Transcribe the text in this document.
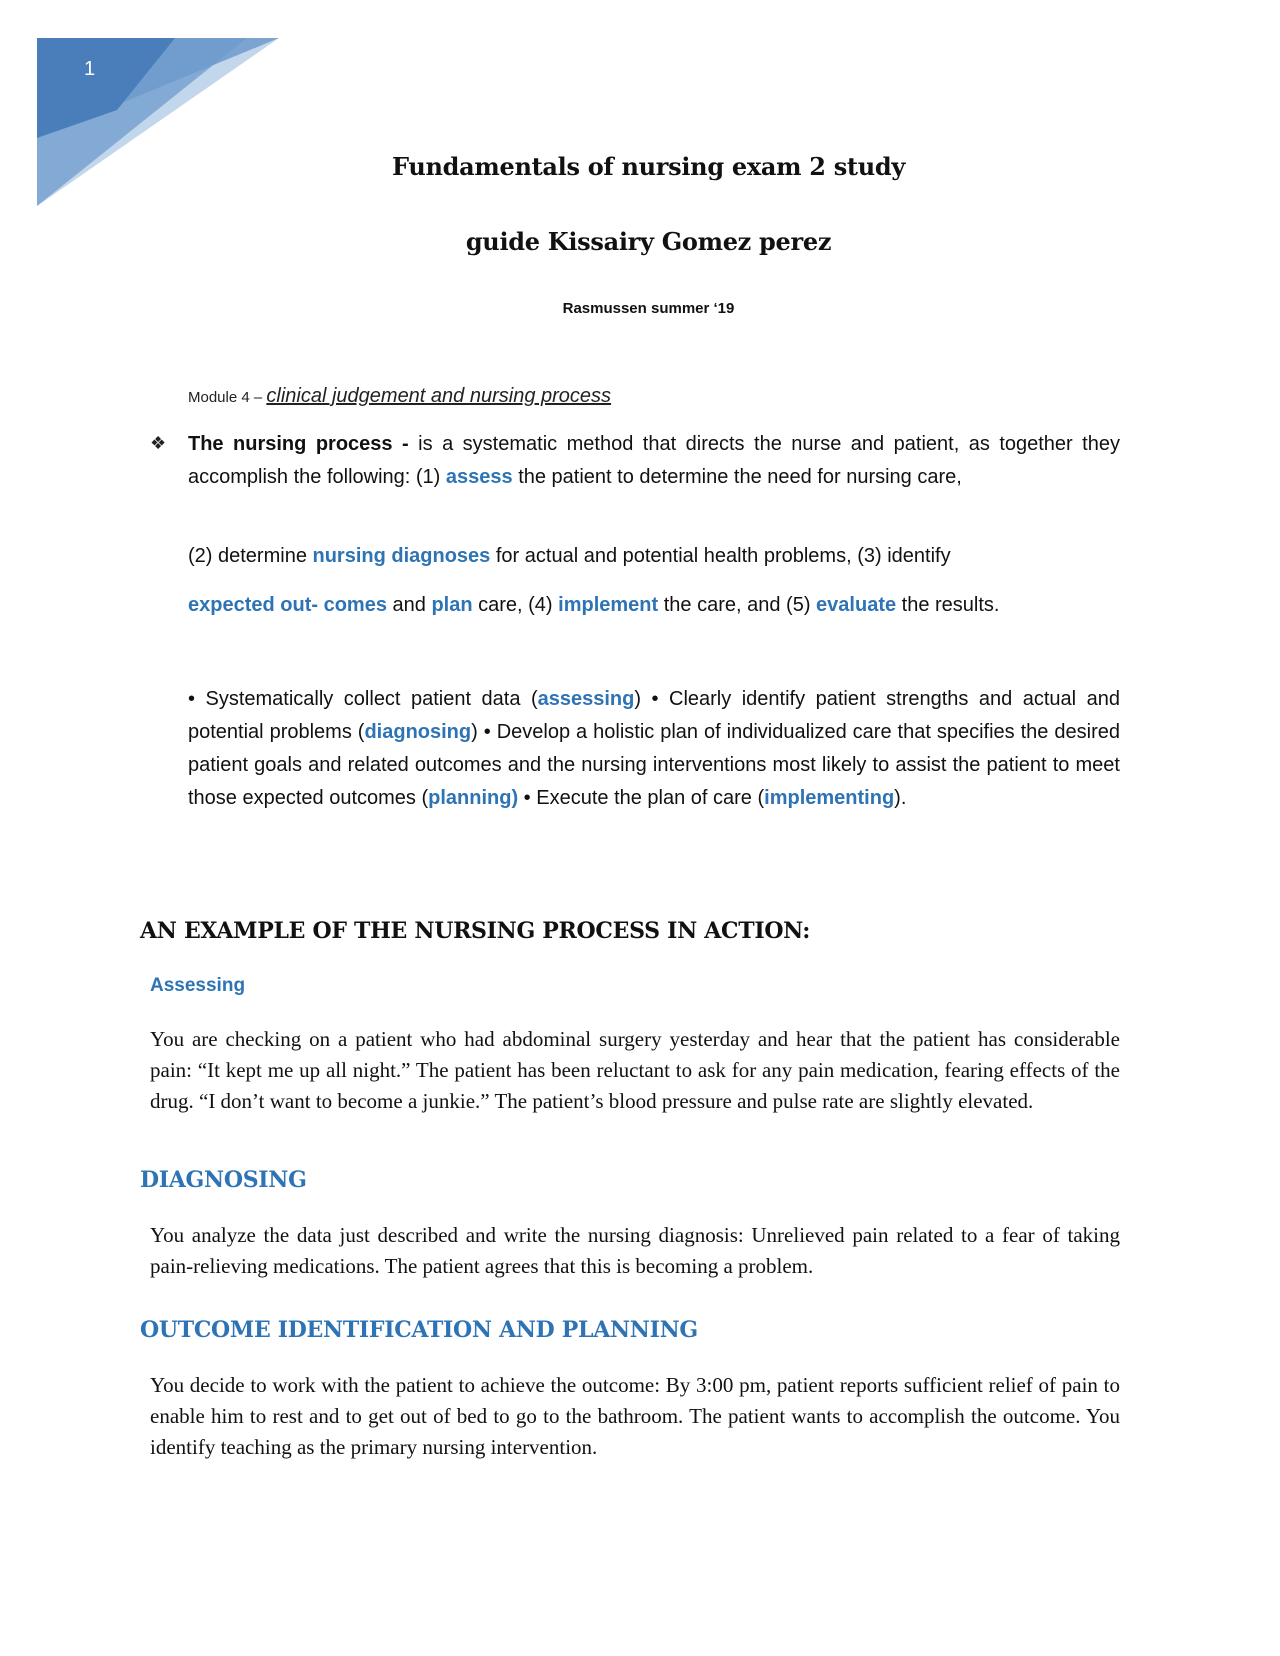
1
Fundamentals of nursing exam 2 study
guide Kissairy Gomez perez
Rasmussen summer ‘19
Module 4 – clinical judgement and nursing process
❖ The nursing process - is a systematic method that directs the nurse and patient, as together they accomplish the following: (1) assess the patient to determine the need for nursing care,
(2) determine nursing diagnoses for actual and potential health problems, (3) identify
expected out- comes and plan care, (4) implement the care, and (5) evaluate the results.
• Systematically collect patient data (assessing) • Clearly identify patient strengths and actual and potential problems (diagnosing) • Develop a holistic plan of individualized care that specifies the desired patient goals and related outcomes and the nursing interventions most likely to assist the patient to meet those expected outcomes (planning) • Execute the plan of care (implementing).
AN EXAMPLE OF THE NURSING PROCESS IN ACTION:
Assessing
You are checking on a patient who had abdominal surgery yesterday and hear that the patient has considerable pain: “It kept me up all night.” The patient has been reluctant to ask for any pain medication, fearing effects of the drug. “I don’t want to become a junkie.” The patient’s blood pressure and pulse rate are slightly elevated.
DIAGNOSING
You analyze the data just described and write the nursing diagnosis: Unrelieved pain related to a fear of taking pain-relieving medications. The patient agrees that this is becoming a problem.
OUTCOME IDENTIFICATION AND PLANNING
You decide to work with the patient to achieve the outcome: By 3:00 pm, patient reports sufficient relief of pain to enable him to rest and to get out of bed to go to the bathroom. The patient wants to accomplish the outcome. You identify teaching as the primary nursing intervention.
